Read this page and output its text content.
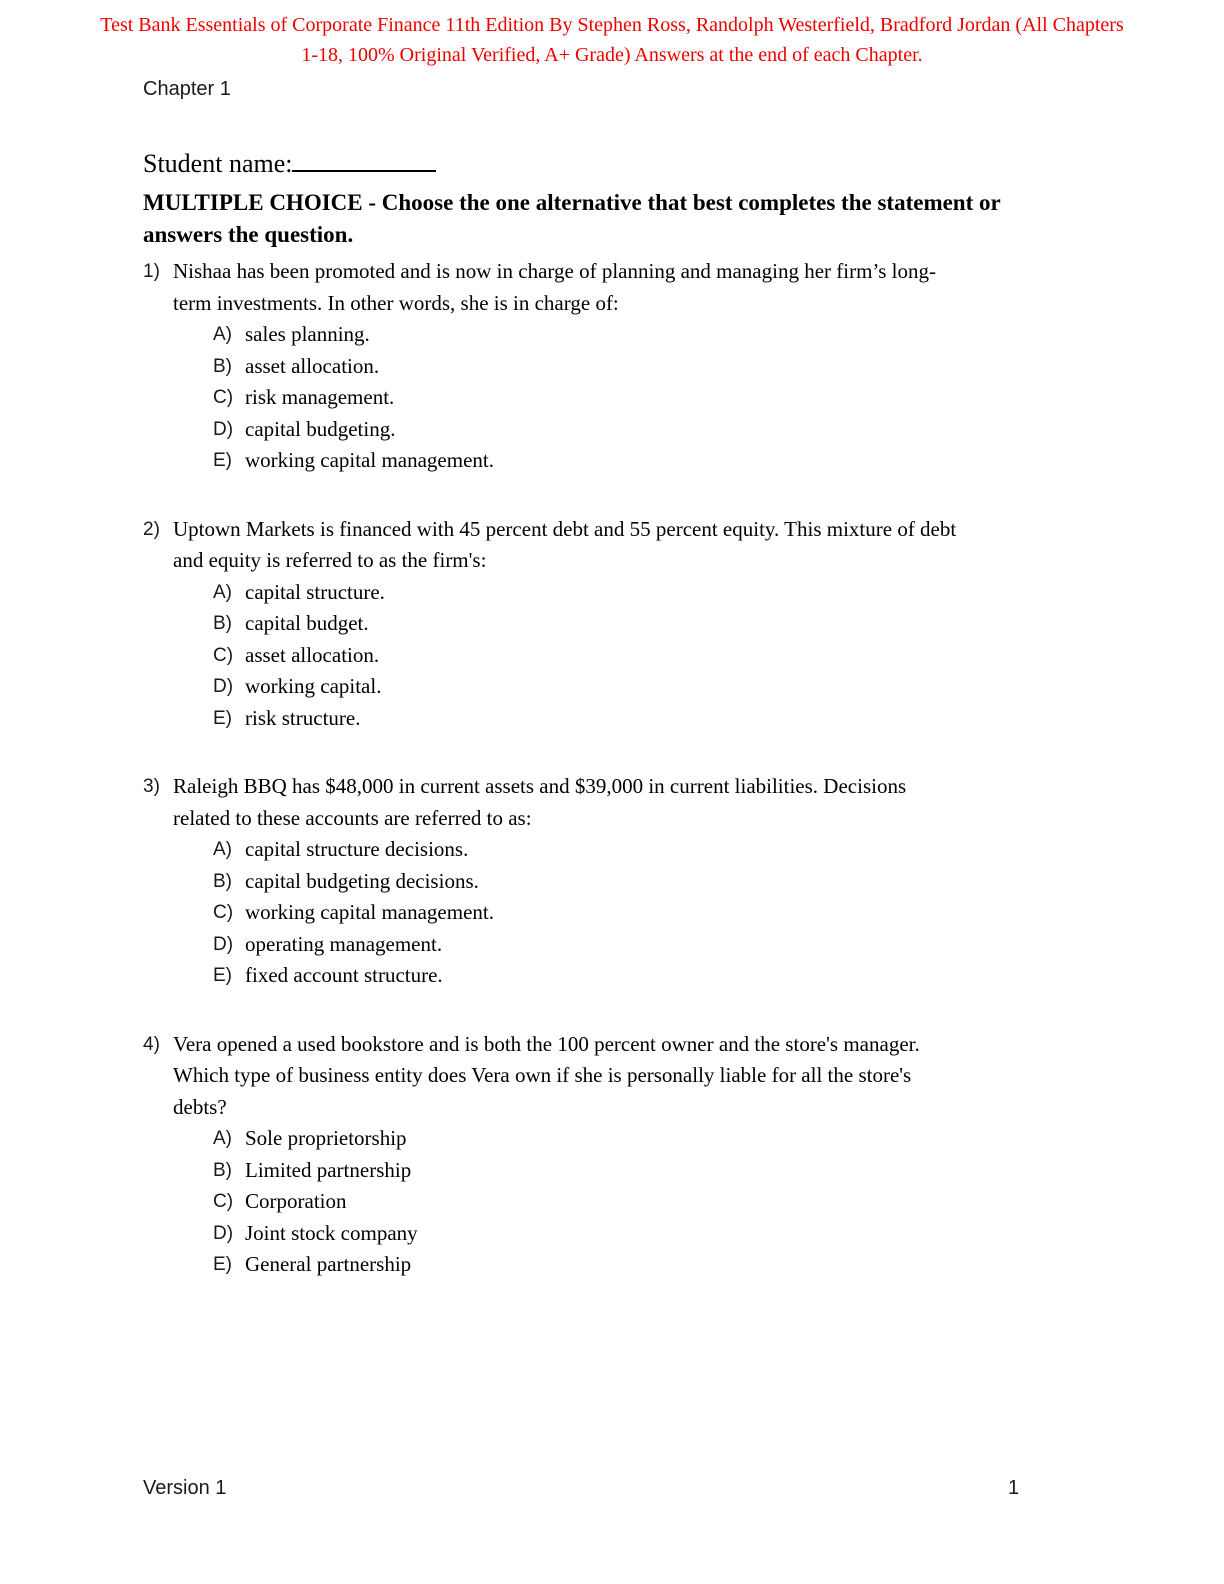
Test Bank Essentials of Corporate Finance 11th Edition By Stephen Ross, Randolph Westerfield, Bradford Jordan (All Chapters
1-18, 100% Original Verified, A+ Grade) Answers at the end of each Chapter.
Chapter 1
Student name:
MULTIPLE CHOICE - Choose the one alternative that best completes the statement or
answers the question.
1) Nishaa has been promoted and is now in charge of planning and managing her firm’s long-
term investments. In other words, she is in charge of:
A) sales planning.
B) asset allocation.
C) risk management.
D) capital budgeting.
E) working capital management.
2) Uptown Markets is financed with 45 percent debt and 55 percent equity. This mixture of debt
and equity is referred to as the firm's:
A) capital structure.
B) capital budget.
C) asset allocation.
D) working capital.
E) risk structure.
3) Raleigh BBQ has $48,000 in current assets and $39,000 in current liabilities. Decisions
related to these accounts are referred to as:
A) capital structure decisions.
B) capital budgeting decisions.
C) working capital management.
D) operating management.
E) fixed account structure.
4) Vera opened a used bookstore and is both the 100 percent owner and the store's manager.
Which type of business entity does Vera own if she is personally liable for all the store's
debts?
A) Sole proprietorship
B) Limited partnership
C) Corporation
D) Joint stock company
E) General partnership
Version 1	1
